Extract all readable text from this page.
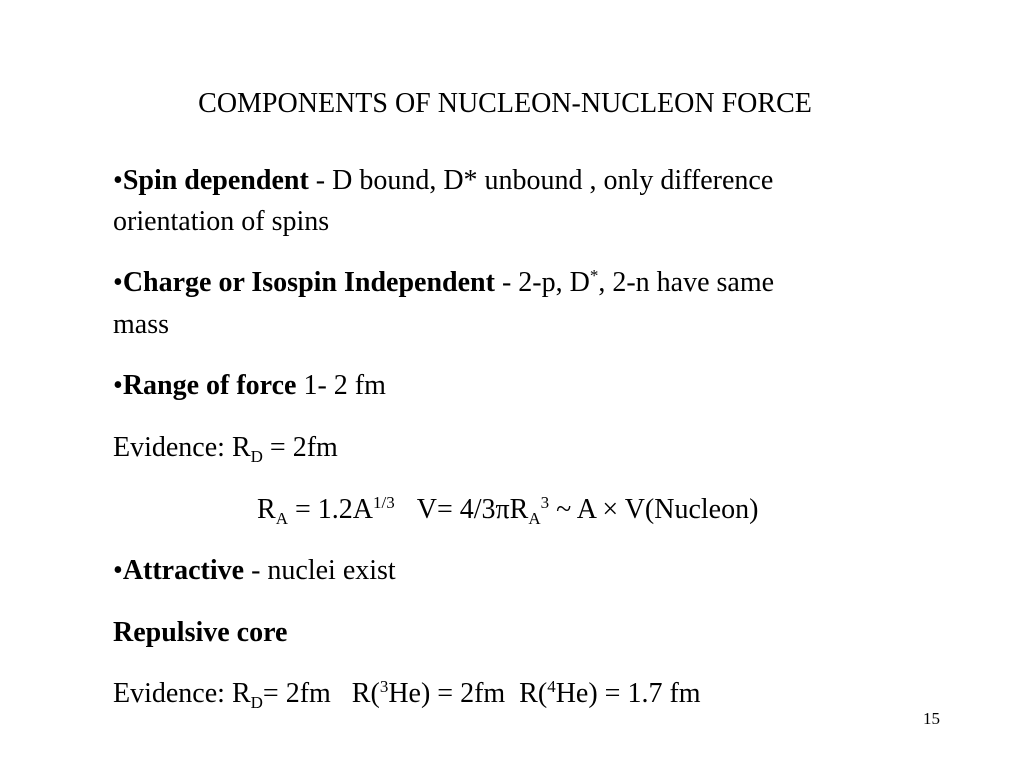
COMPONENTS OF NUCLEON-NUCLEON FORCE
•Spin dependent - D bound, D* unbound , only difference
orientation of spins
•Charge or Isospin Independent - 2-p, D*, 2-n have same
mass
•Range of force 1- 2 fm
Evidence: $R_D = 2fm$
$R_A = 1.2A^{1/3}$ $V= 4/3\pi R_A^3$ ~ A × V(Nucleon)
•Attractive - nuclei exist
Repulsive core
Evidence: $R_D= 2fm$   R($^3$He) = 2fm  R($^4$He) = 1.7 fm
15
